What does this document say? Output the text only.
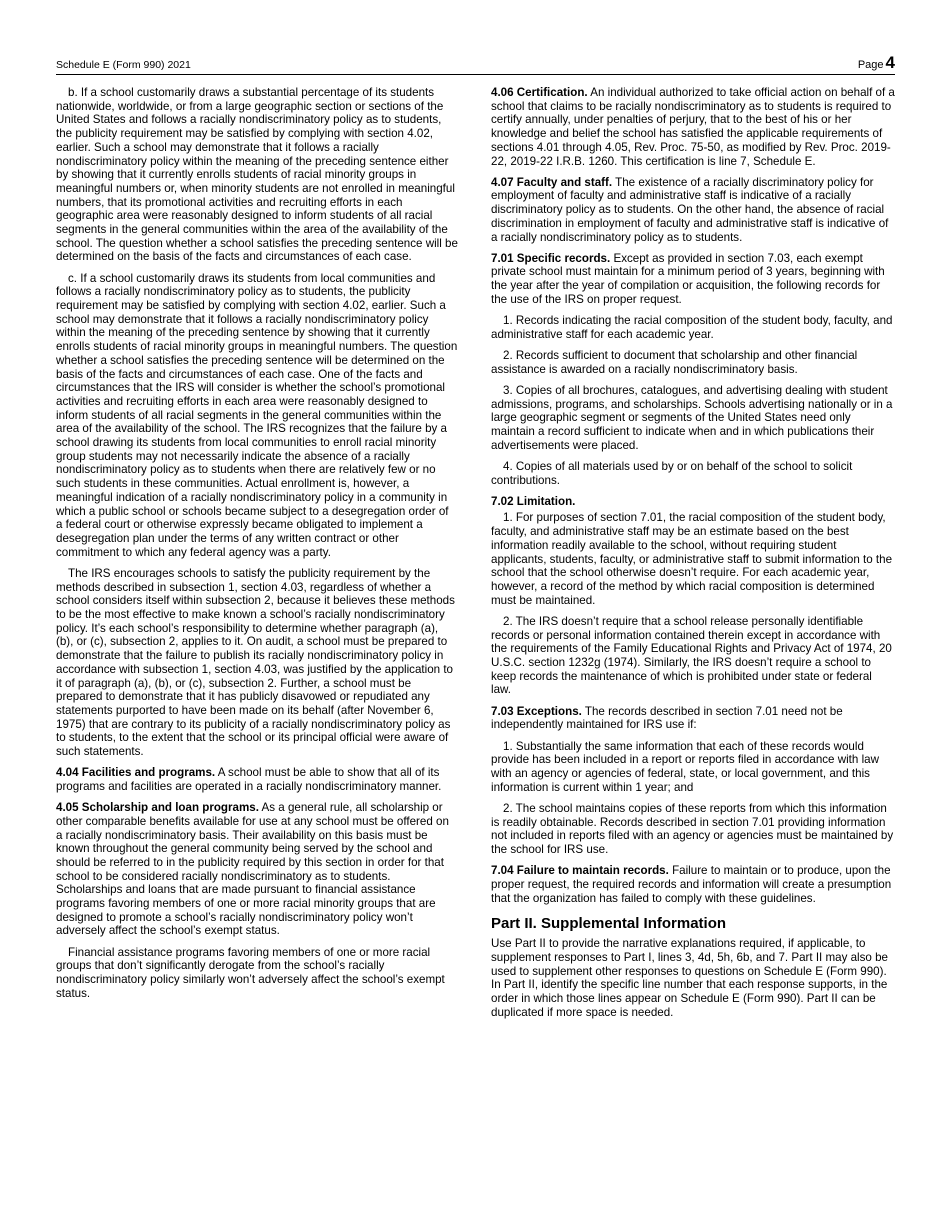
Schedule E (Form 990) 2021	Page 4

b. If a school customarily draws a substantial percentage of its students nationwide, worldwide, or from a large geographic section or sections of the United States and follows a racially nondiscriminatory policy as to students, the publicity requirement may be satisfied by complying with section 4.02, earlier. Such a school may demonstrate that it follows a racially nondiscriminatory policy within the meaning of the preceding sentence either by showing that it currently enrolls students of racial minority groups in meaningful numbers or, when minority students are not enrolled in meaningful numbers, that its promotional activities and recruiting efforts in each geographic area were reasonably designed to inform students of all racial segments in the general communities within the area of the availability of the school. The question whether a school satisfies the preceding sentence will be determined on the basis of the facts and circumstances of each case.

c. If a school customarily draws its students from local communities and follows a racially nondiscriminatory policy as to students, the publicity requirement may be satisfied by complying with section 4.02, earlier. Such a school may demonstrate that it follows a racially nondiscriminatory policy within the meaning of the preceding sentence by showing that it currently enrolls students of racial minority groups in meaningful numbers. The question whether a school satisfies the preceding sentence will be determined on the basis of the facts and circumstances of each case. One of the facts and circumstances that the IRS will consider is whether the school’s promotional activities and recruiting efforts in each area were reasonably designed to inform students of all racial segments in the general communities within the area of the availability of the school. The IRS recognizes that the failure by a school drawing its students from local communities to enroll racial minority group students may not necessarily indicate the absence of a racially nondiscriminatory policy as to students when there are relatively few or no such students in these communities. Actual enrollment is, however, a meaningful indication of a racially nondiscriminatory policy in a community in which a public school or schools became subject to a desegregation order of a federal court or otherwise expressly became obligated to implement a desegregation plan under the terms of any written contract or other commitment to which any federal agency was a party.

The IRS encourages schools to satisfy the publicity requirement by the methods described in subsection 1, section 4.03, regardless of whether a school considers itself within subsection 2, because it believes these methods to be the most effective to make known a school’s racially nondiscriminatory policy. It’s each school’s responsibility to determine whether paragraph (a), (b), or (c), subsection 2, applies to it. On audit, a school must be prepared to demonstrate that the failure to publish its racially nondiscriminatory policy in accordance with subsection 1, section 4.03, was justified by the application to it of paragraph (a), (b), or (c), subsection 2. Further, a school must be prepared to demonstrate that it has publicly disavowed or repudiated any statements purported to have been made on its behalf (after November 6, 1975) that are contrary to its publicity of a racially nondiscriminatory policy as to students, to the extent that the school or its principal official were aware of such statements.

4.04 Facilities and programs. A school must be able to show that all of its programs and facilities are operated in a racially nondiscriminatory manner.

4.05 Scholarship and loan programs. As a general rule, all scholarship or other comparable benefits available for use at any school must be offered on a racially nondiscriminatory basis. Their availability on this basis must be known throughout the general community being served by the school and should be referred to in the publicity required by this section in order for that school to be considered racially nondiscriminatory as to students. Scholarships and loans that are made pursuant to financial assistance programs favoring members of one or more racial minority groups that are designed to promote a school’s racially nondiscriminatory policy won’t adversely affect the school’s exempt status.

Financial assistance programs favoring members of one or more racial groups that don’t significantly derogate from the school’s racially nondiscriminatory policy similarly won’t adversely affect the school’s exempt status.

4.06 Certification. An individual authorized to take official action on behalf of a school that claims to be racially nondiscriminatory as to students is required to certify annually, under penalties of perjury, that to the best of his or her knowledge and belief the school has satisfied the applicable requirements of sections 4.01 through 4.05, Rev. Proc. 75-50, as modified by Rev. Proc. 2019-22, 2019-22 I.R.B. 1260. This certification is line 7, Schedule E.

4.07 Faculty and staff. The existence of a racially discriminatory policy for employment of faculty and administrative staff is indicative of a racially discriminatory policy as to students. On the other hand, the absence of racial discrimination in employment of faculty and administrative staff is indicative of a racially nondiscriminatory policy as to students.

7.01 Specific records. Except as provided in section 7.03, each exempt private school must maintain for a minimum period of 3 years, beginning with the year after the year of compilation or acquisition, the following records for the use of the IRS on proper request.

1. Records indicating the racial composition of the student body, faculty, and administrative staff for each academic year.

2. Records sufficient to document that scholarship and other financial assistance is awarded on a racially nondiscriminatory basis.

3. Copies of all brochures, catalogues, and advertising dealing with student admissions, programs, and scholarships. Schools advertising nationally or in a large geographic segment or segments of the United States need only maintain a record sufficient to indicate when and in which publications their advertisements were placed.

4. Copies of all materials used by or on behalf of the school to solicit contributions.

7.02 Limitation.

1. For purposes of section 7.01, the racial composition of the student body, faculty, and administrative staff may be an estimate based on the best information readily available to the school, without requiring student applicants, students, faculty, or administrative staff to submit information to the school that the school otherwise doesn’t require. For each academic year, however, a record of the method by which racial composition is determined must be maintained.

2. The IRS doesn’t require that a school release personally identifiable records or personal information contained therein except in accordance with the requirements of the Family Educational Rights and Privacy Act of 1974, 20 U.S.C. section 1232g (1974). Similarly, the IRS doesn’t require a school to keep records the maintenance of which is prohibited under state or federal law.

7.03 Exceptions. The records described in section 7.01 need not be independently maintained for IRS use if:

1. Substantially the same information that each of these records would provide has been included in a report or reports filed in accordance with law with an agency or agencies of federal, state, or local government, and this information is current within 1 year; and

2. The school maintains copies of these reports from which this information is readily obtainable. Records described in section 7.01 providing information not included in reports filed with an agency or agencies must be maintained by the school for IRS use.

7.04 Failure to maintain records. Failure to maintain or to produce, upon the proper request, the required records and information will create a presumption that the organization has failed to comply with these guidelines.

Part II. Supplemental Information

Use Part II to provide the narrative explanations required, if applicable, to supplement responses to Part I, lines 3, 4d, 5h, 6b, and 7. Part II may also be used to supplement other responses to questions on Schedule E (Form 990). In Part II, identify the specific line number that each response supports, in the order in which those lines appear on Schedule E (Form 990). Part II can be duplicated if more space is needed.
